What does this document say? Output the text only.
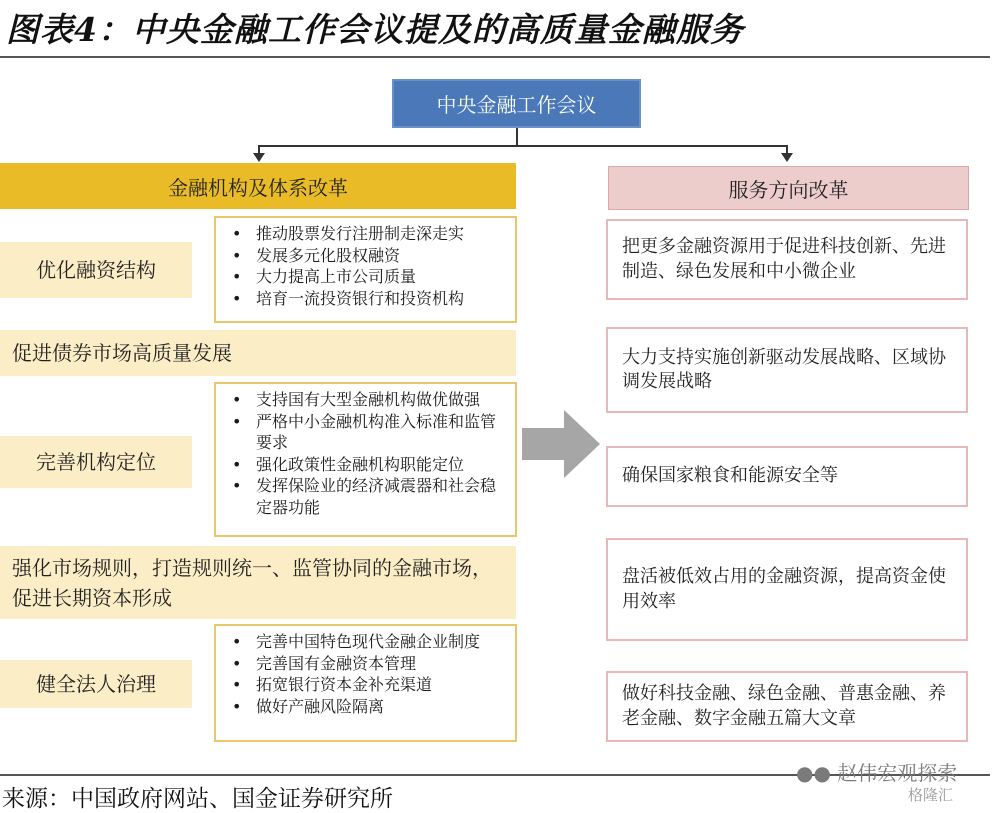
图表4：中央金融工作会议提及的高质量金融服务
中央金融工作会议
金融机构及体系改革	服务方向改革
优化融资结构
促进债券市场高质量发展
完善机构定位
强化市场规则，打造规则统一、监管协同的金融市场，促进长期资本形成
健全法人治理
• 推动股票发行注册制走深走实
• 发展多元化股权融资
• 大力提高上市公司质量
• 培育一流投资银行和投资机构
• 支持国有大型金融机构做优做强
• 严格中小金融机构准入标准和监管要求
• 强化政策性金融机构职能定位
• 发挥保险业的经济减震器和社会稳定器功能
• 完善中国特色现代金融企业制度
• 完善国有金融资本管理
• 拓宽银行资本金补充渠道
• 做好产融风险隔离
把更多金融资源用于促进科技创新、先进制造、绿色发展和中小微企业
大力支持实施创新驱动发展战略、区域协调发展战略
确保国家粮食和能源安全等
盘活被低效占用的金融资源，提高资金使用效率
做好科技金融、绿色金融、普惠金融、养老金融、数字金融五篇大文章
来源：中国政府网站、国金证券研究所
●● 赵伟宏观探索
格隆汇
